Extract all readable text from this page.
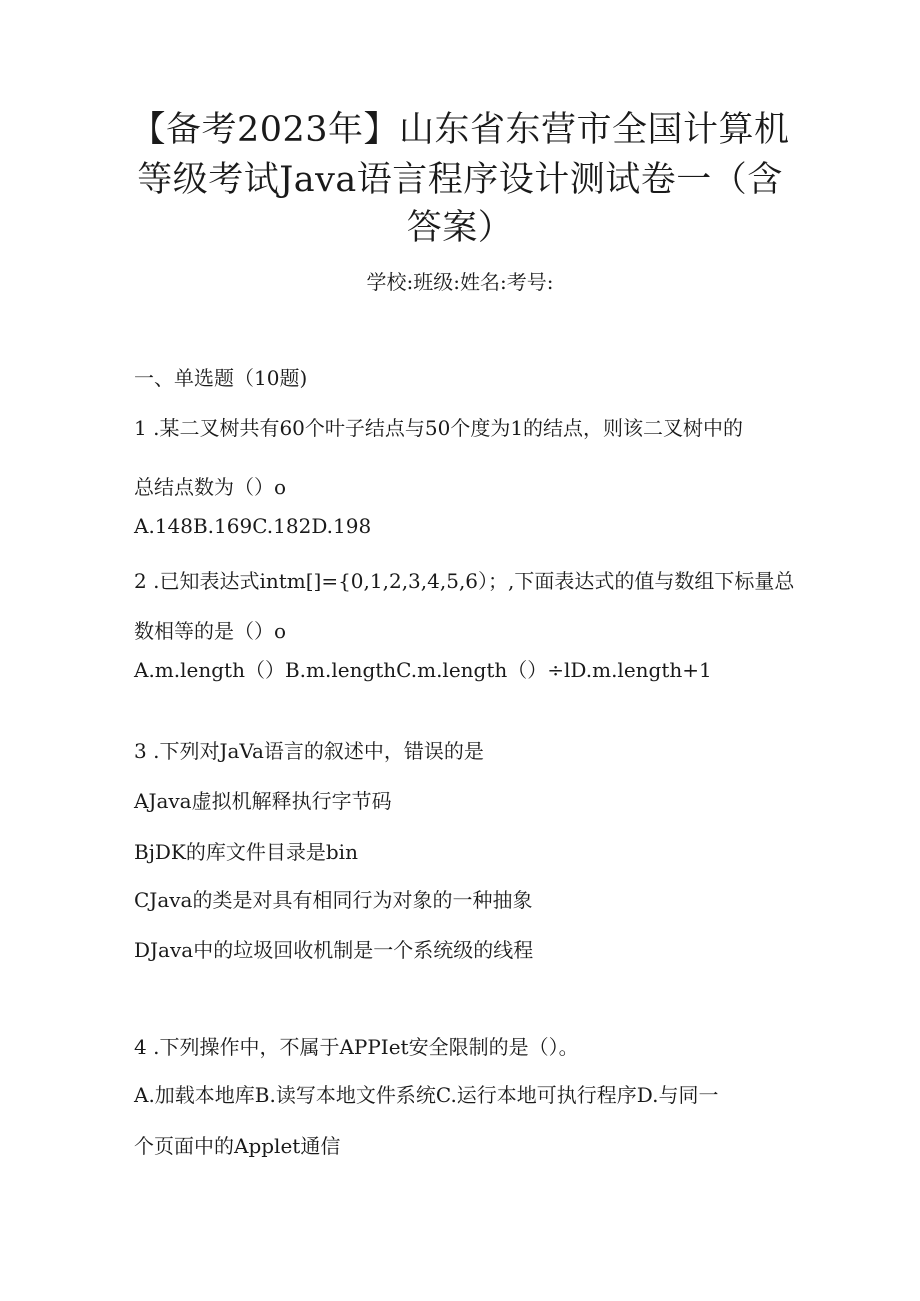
【备考2023年】山东省东营市全国计算机
等级考试Java语言程序设计测试卷一（含
答案）
学校:班级:姓名:考号:
一、单选题（10题)
1 .某二叉树共有60个叶子结点与50个度为1的结点，则该二叉树中的
总结点数为（）o
A.148B.169C.182D.198
2 .已知表达式intm[]={0,1,2,3,4,5,6）；,下面表达式的值与数组下标量总
数相等的是（）o
A.m.length（）B.m.lengthC.m.length（）÷lD.m.length+1
3 .下列对JaVa语言的叙述中，错误的是
AJava虚拟机解释执行字节码
BjDK的库文件目录是bin
CJava的类是对具有相同行为对象的一种抽象
DJava中的垃圾回收机制是一个系统级的线程
4 .下列操作中，不属于APPIet安全限制的是（）。
A.加载本地库B.读写本地文件系统C.运行本地可执行程序D.与同一
个页面中的Applet通信
